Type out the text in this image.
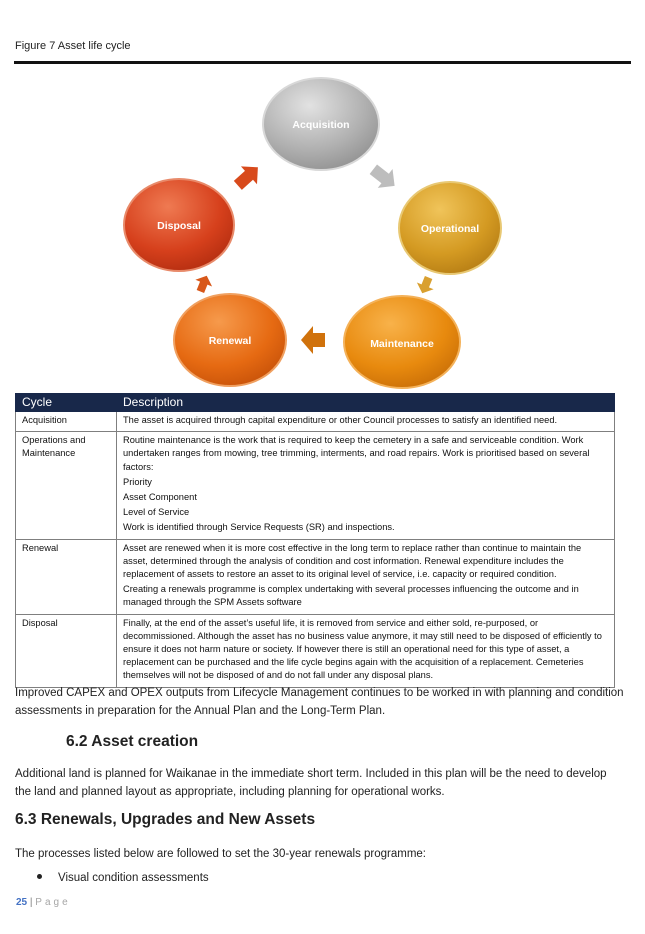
Figure 7 Asset life cycle
Acquisition
Operational
Maintenance
Renewal
Disposal
Cycle	Description
Acquisition	The asset is acquired through capital expenditure or other Council processes to satisfy an identified need.

Operations and Maintenance	Routine maintenance is the work that is required to keep the cemetery in a safe and serviceable condition. Work undertaken ranges from mowing, tree trimming, interments, and road repairs. Work is prioritised based on several factors:

Priority

Asset Component

Level of Service

Work is identified through Service Requests (SR) and inspections.

Renewal	Asset are renewed when it is more cost effective in the long term to replace rather than continue to maintain the asset, determined through the analysis of condition and cost information. Renewal expenditure includes the replacement of assets to restore an asset to its original level of service, i.e. capacity or required condition.

Creating a renewals programme is complex undertaking with several processes influencing the outcome and in managed through the SPM Assets software

Disposal	Finally, at the end of the asset’s useful life, it is removed from service and either sold, re-purposed, or decommissioned. Although the asset has no business value anymore, it may still need to be disposed of efficiently to ensure it does not harm nature or society. If however there is still an operational need for this type of asset, a replacement can be purchased and the life cycle begins again with the acquisition of a replacement. Cemeteries themselves will not be disposed of and do not fall under any disposal plans.

Improved CAPEX and OPEX outputs from Lifecycle Management continues to be worked in with planning and condition assessments in preparation for the Annual Plan and the Long-Term Plan.

6.2 Asset creation

Additional land is planned for Waikanae in the immediate short term. Included in this plan will be the need to develop the land and planned layout as appropriate, including planning for operational works.

6.3 Renewals, Upgrades and New Assets

The processes listed below are followed to set the 30-year renewals programme:

Visual condition assessments
25 | Page
